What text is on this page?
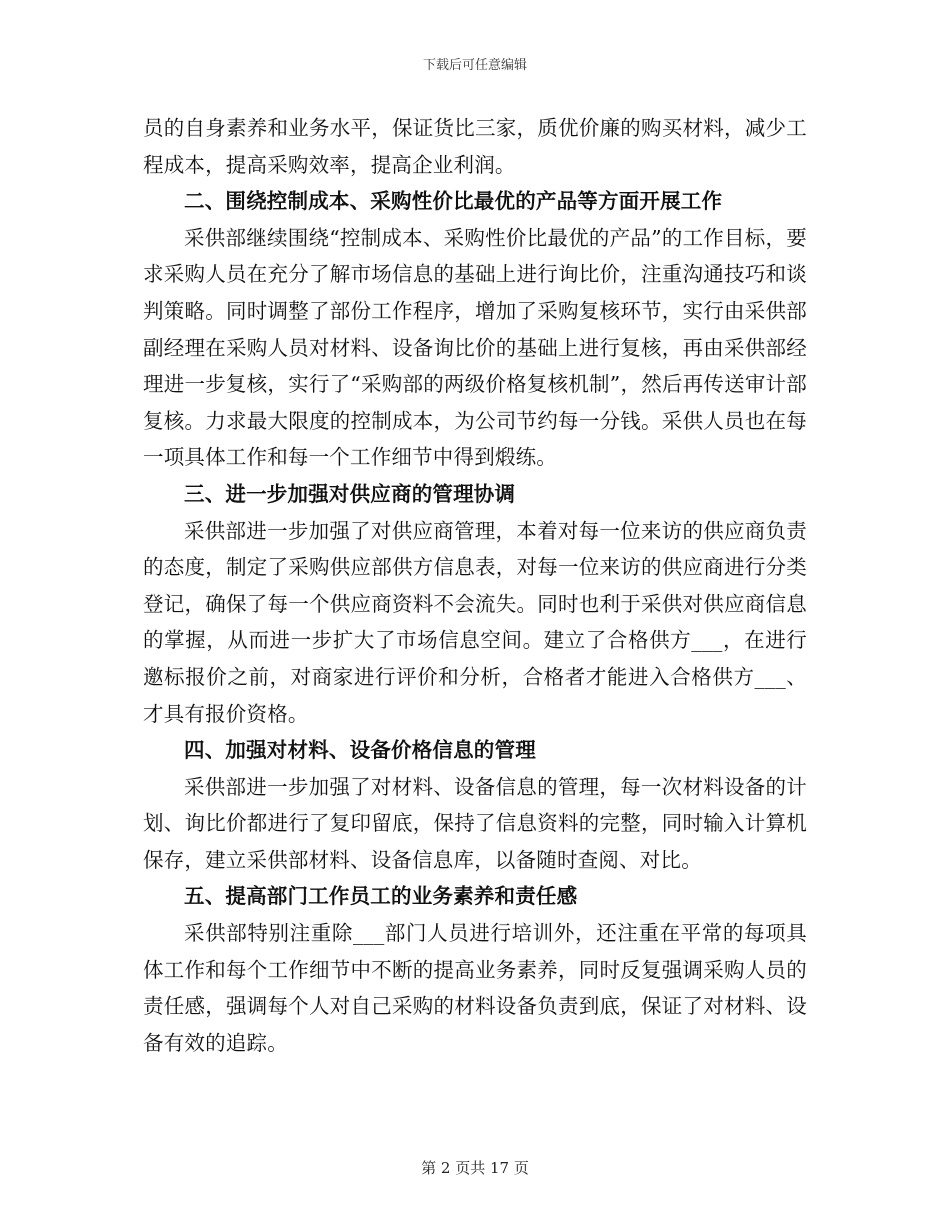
下载后可任意编辑

员的自身素养和业务水平，保证货比三家，质优价廉的购买材料，减少工程成本，提高采购效率，提高企业利润。

二、围绕控制成本、采购性价比最优的产品等方面开展工作

采供部继续围绕“控制成本、采购性价比最优的产品”的工作目标，要求采购人员在充分了解市场信息的基础上进行询比价，注重沟通技巧和谈判策略。同时调整了部份工作程序，增加了采购复核环节，实行由采供部副经理在采购人员对材料、设备询比价的基础上进行复核，再由采供部经理进一步复核，实行了“采购部的两级价格复核机制”，然后再传送审计部复核。力求最大限度的控制成本，为公司节约每一分钱。采供人员也在每一项具体工作和每一个工作细节中得到煅练。

三、进一步加强对供应商的管理协调

采供部进一步加强了对供应商管理，本着对每一位来访的供应商负责的态度，制定了采购供应部供方信息表，对每一位来访的供应商进行分类登记，确保了每一个供应商资料不会流失。同时也利于采供对供应商信息的掌握，从而进一步扩大了市场信息空间。建立了合格供方___，在进行邀标报价之前，对商家进行评价和分析，合格者才能进入合格供方___、才具有报价资格。

四、加强对材料、设备价格信息的管理

采供部进一步加强了对材料、设备信息的管理，每一次材料设备的计划、询比价都进行了复印留底，保持了信息资料的完整，同时输入计算机保存，建立采供部材料、设备信息库，以备随时查阅、对比。

五、提高部门工作员工的业务素养和责任感

采供部特别注重除___部门人员进行培训外，还注重在平常的每项具体工作和每个工作细节中不断的提高业务素养，同时反复强调采购人员的责任感，强调每个人对自己采购的材料设备负责到底，保证了对材料、设备有效的追踪。

第 2 页共 17 页
